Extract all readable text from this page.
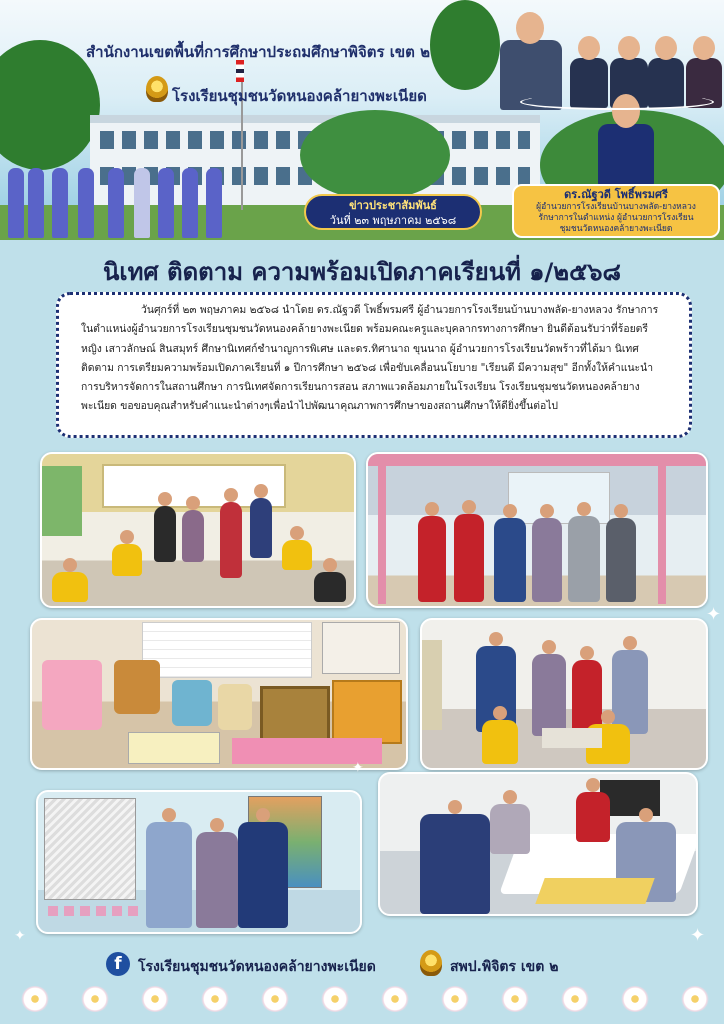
สำนักงานเขตพื้นที่การศึกษาประถมศึกษาพิจิตร เขต ๒
โรงเรียนชุมชนวัดหนองคล้ายางพะเนียด
ข่าวประชาสัมพันธ์
วันที่ ๒๓ พฤษภาคม ๒๕๖๘
ดร.ณัฐวดี โพธิ์พรมศรี
ผู้อำนวยการโรงเรียนบ้านบางพลัด-ยางหลวง
รักษาการในตำแหน่ง ผู้อำนวยการโรงเรียน
ชุมชนวัดหนองคล้ายางพะเนียด
นิเทศ ติดตาม ความพร้อมเปิดภาคเรียนที่ ๑/๒๕๖๘

วันศุกร์ที่ ๒๓ พฤษภาคม ๒๕๖๘ นำโดย ดร.ณัฐวดี โพธิ์พรมศรี ผู้อำนวยการโรงเรียนบ้านบางพลัด-ยางหลวง รักษาการในตำแหน่งผู้อำนวยการโรงเรียนชุมชนวัดหนองคล้ายางพะเนียด พร้อมคณะครูและบุคลากรทางการศึกษา ยินดีต้อนรับว่าที่ร้อยตรีหญิง เสาวลักษณ์ สินสมุทร์ ศึกษานิเทศก์ชำนาญการพิเศษ และดร.ทิศานาถ ขุนนาถ ผู้อำนวยการโรงเรียนวัดพร้าวที่ได้มา นิเทศ ติดตาม การเตรียมความพร้อมเปิดภาคเรียนที่ ๑ ปีการศึกษา ๒๕๖๘ เพื่อขับเคลื่อนนโยบาย "เรียนดี มีความสุข" อีกทั้งให้คำแนะนำ การบริหารจัดการในสถานศึกษา การนิเทศจัดการเรียนการสอน สภาพแวดล้อมภายในโรงเรียน โรงเรียนชุมชนวัดหนองคล้ายางพะเนียด ขอขอบคุณสำหรับคำแนะนำต่างๆเพื่อนำไปพัฒนาคุณภาพการศึกษาของสถานศึกษาให้ดียิ่งขึ้นต่อไป

✦
✦
✦
✦
f	โรงเรียนชุมชนวัดหนองคล้ายางพะเนียด	สพป.พิจิตร เขต ๒
